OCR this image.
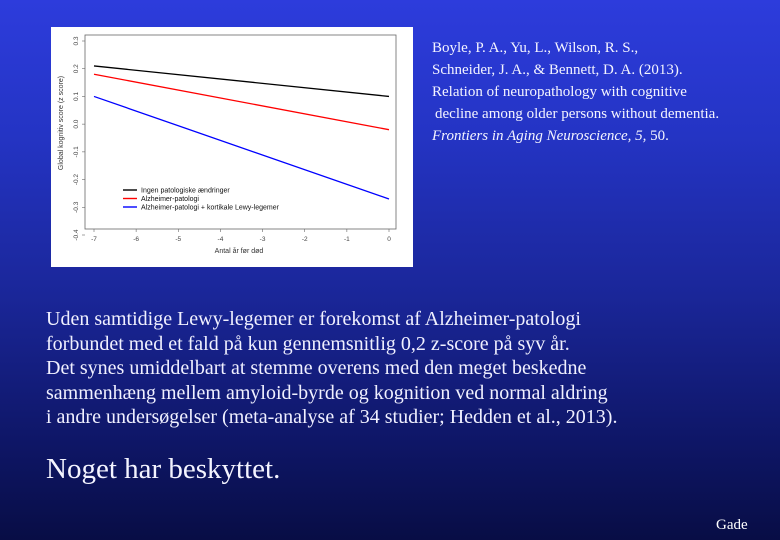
-7	-6	-5	-4	-3	-2	-1	0
0.3
0.2
0.1
0.0
-0.1
-0.2
-0.3
-0.4
Ingen patologiske ændringer
Alzheimer-patologi
Alzheimer-patologi + kortikale Lewy-legemer
Antal år før død
Global kognitiv score (z score)
Boyle, P. A., Yu, L., Wilson, R. S.,
Schneider, J. A., & Bennett, D. A. (2013).
Relation of neuropathology with cognitive
decline among older persons without dementia.
Frontiers in Aging Neuroscience, 5, 50.
Uden samtidige Lewy-legemer er forekomst af Alzheimer-patologi
forbundet med et fald på kun gennemsnitlig 0,2 z-score på syv år.
Det synes umiddelbart at stemme overens med den meget beskedne
sammenhæng mellem amyloid-byrde og kognition ved normal aldring
i andre undersøgelser (meta-analyse af 34 studier; Hedden et al., 2013).
Noget har beskyttet.
Gade
